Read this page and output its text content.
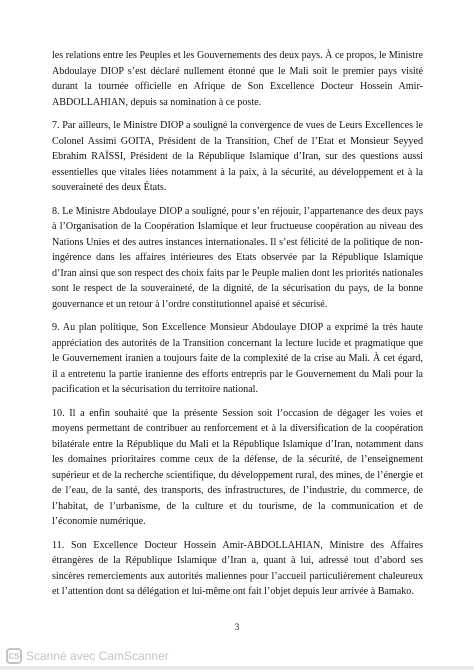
les relations entre les Peuples et les Gouvernements des deux pays. À ce propos, le Ministre Abdoulaye DIOP s’est déclaré nullement étonné que le Mali soit le premier pays visité durant la tournée officielle en Afrique de Son Excellence Docteur Hossein Amir-ABDOLLAHIAN, depuis sa nomination à ce poste.

7. Par ailleurs, le Ministre DIOP a souligné la convergence de vues de Leurs Excellences le Colonel Assimi GOITA, Président de la Transition, Chef de l’Etat et Monsieur Seyyed Ebrahim RAÏSSI, Président de la République Islamique d’Iran, sur des questions aussi essentielles que vitales liées notamment à la paix, à la sécurité, au développement et à la souveraineté des deux États.

8. Le Ministre Abdoulaye DIOP a souligné, pour s’en réjouir, l’appartenance des deux pays à l’Organisation de la Coopération Islamique et leur fructueuse coopération au niveau des Nations Unies et des autres instances internationales. Il s’est félicité de la politique de non-ingérence dans les affaires intérieures des Etats observée par la République Islamique d’Iran ainsi que son respect des choix faits par le Peuple malien dont les priorités nationales sont le respect de la souveraineté, de la dignité, de la sécurisation du pays, de la bonne gouvernance et un retour à l’ordre constitutionnel apaisé et sécurisé.

9. Au plan politique, Son Excellence Monsieur Abdoulaye DIOP a exprimé la très haute appréciation des autorités de la Transition concernant la lecture lucide et pragmatique que le Gouvernement iranien a toujours faite de la complexité de la crise au Mali. À cet égard, il a entretenu la partie iranienne des efforts entrepris par le Gouvernement du Mali pour la pacification et la sécurisation du territoire national.

10. Il a enfin souhaité que la présente Session soit l’occasion de dégager les voies et moyens permettant de contribuer au renforcement et à la diversification de la coopération bilatérale entre la République du Mali et la République Islamique d’Iran, notamment dans les domaines prioritaires comme ceux de la défense, de la sécurité, de l’enseignement supérieur et de la recherche scientifique, du développement rural, des mines, de l’énergie et de l’eau, de la santé, des transports, des infrastructures, de l’industrie, du commerce, de l’habitat, de l’urbanisme, de la culture et du tourisme, de la communication et de l’économie numérique.

11. Son Excellence Docteur Hossein Amir-ABDOLLAHIAN, Ministre des Affaires étrangères de la République Islamique d’Iran a, quant à lui, adressé tout d’abord ses sincères remerciements aux autorités maliennes pour l’accueil particulièrement chaleureux et l’attention dont sa délégation et lui-même ont fait l’objet depuis leur arrivée à Bamako.

3
CS Scanné avec CamScanner
